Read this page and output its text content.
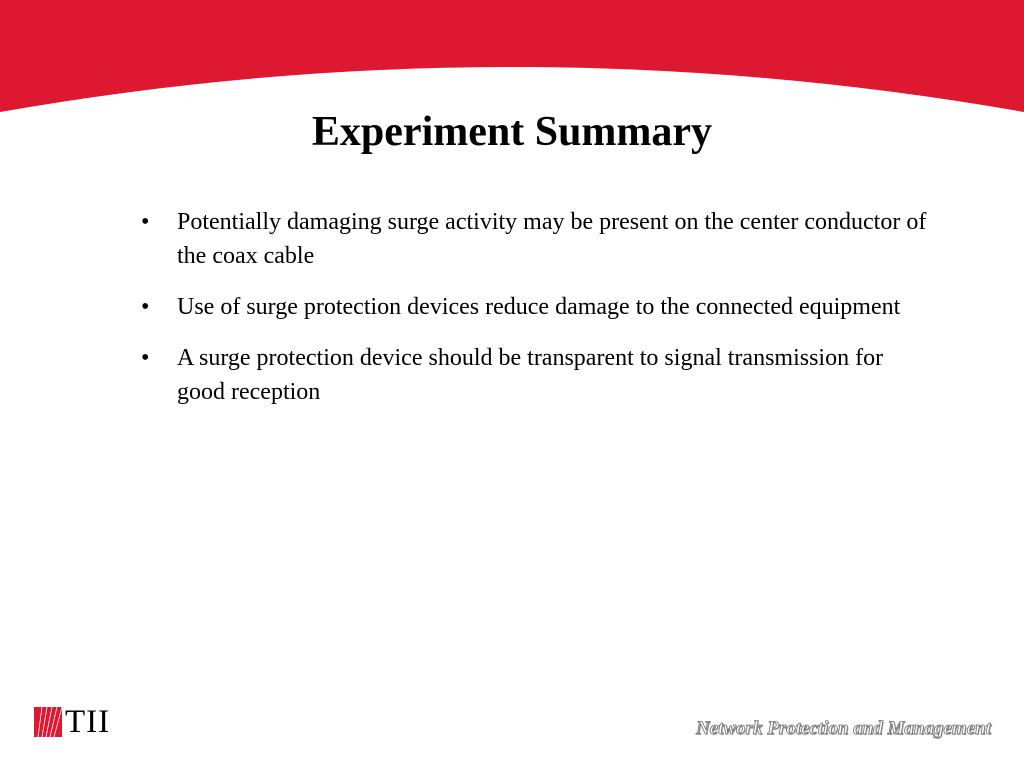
Experiment Summary
• Potentially damaging surge activity may be present on the center conductor of the coax cable
• Use of surge protection devices reduce damage to the connected equipment
• A surge protection device should be transparent to signal transmission for good reception
TII	Network Protection and Management
